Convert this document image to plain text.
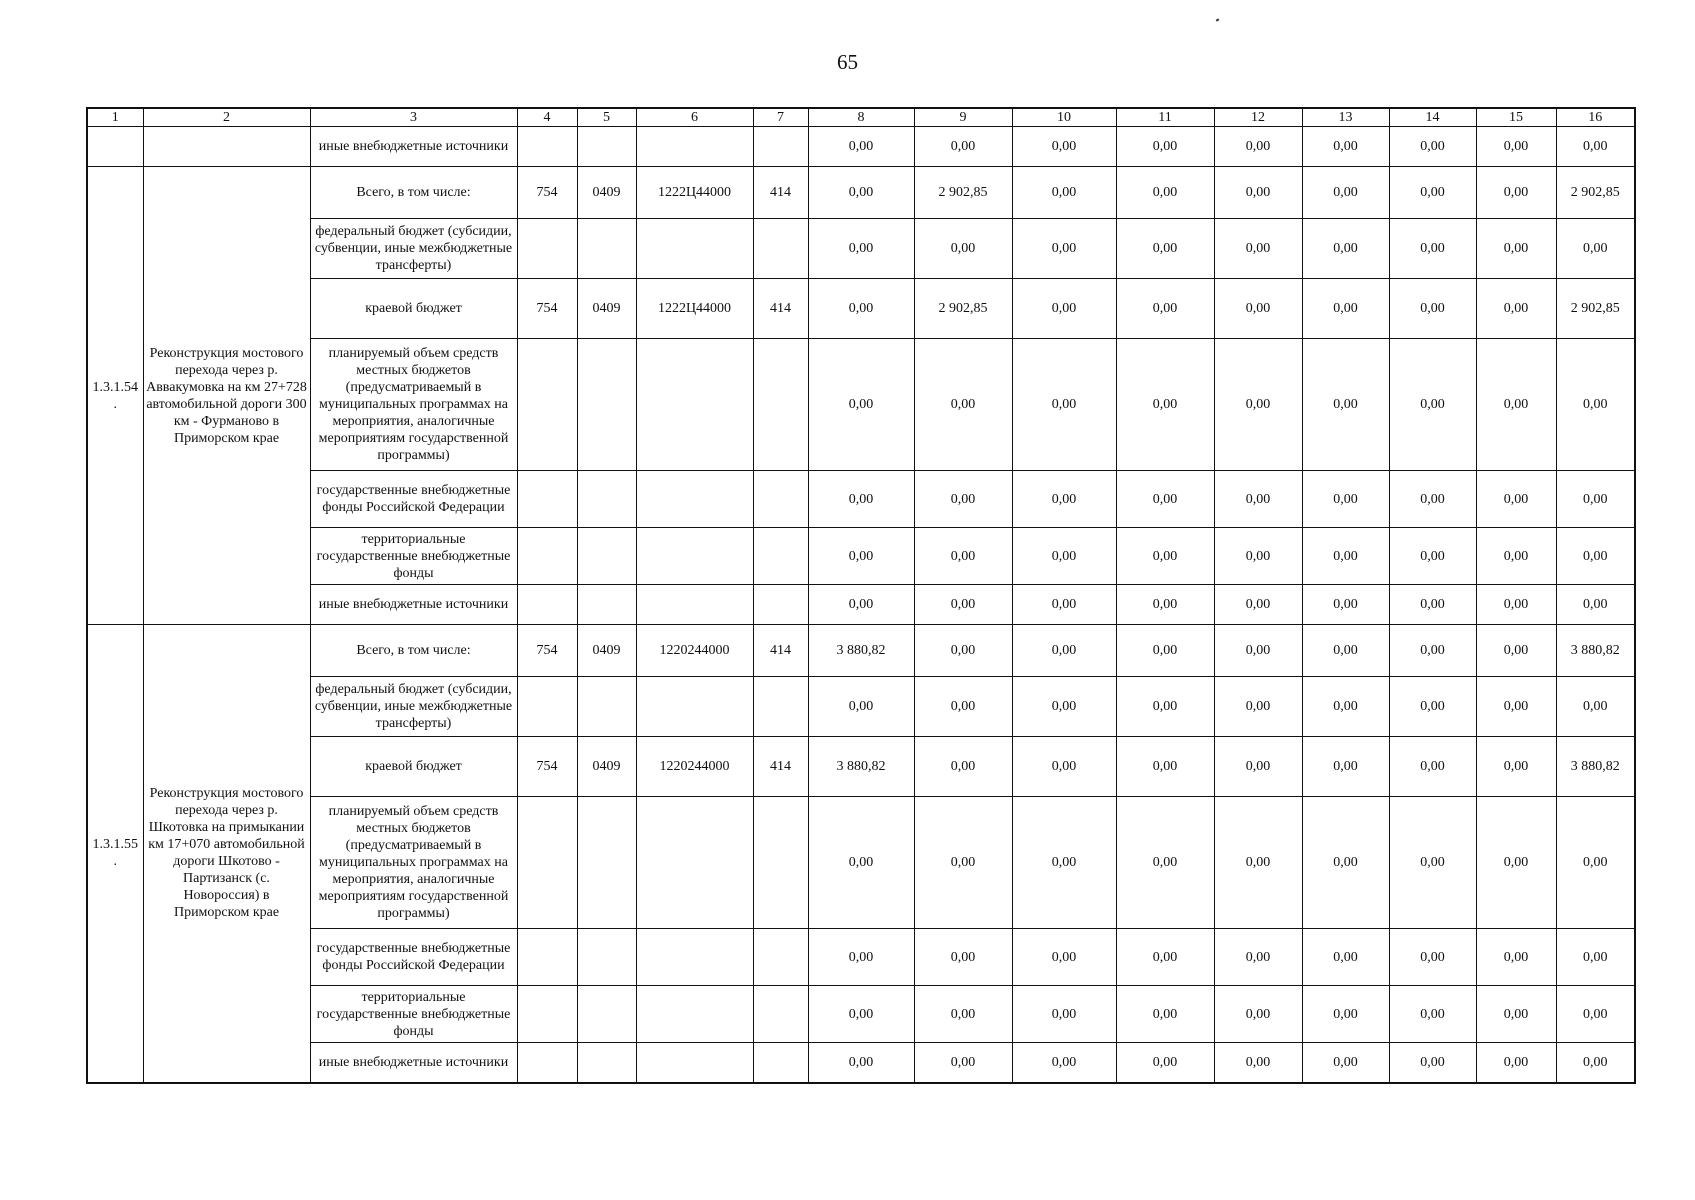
65
1	2	3	4	5	6	7	8	9	10	11	12	13	14	15	16
		иные внебюджетные источники					0,00	0,00	0,00	0,00	0,00	0,00	0,00	0,00	0,00
1.3.1.54 .	Реконструкция мостового перехода через р. Аввакумовка на км 27+728 автомобильной дороги 300 км - Фурманово в Приморском крае	Всего, в том числе:	754	0409	1222Ц44000	414	0,00	2 902,85	0,00	0,00	0,00	0,00	0,00	0,00	2 902,85
		федеральный бюджет (субсидии, субвенции, иные межбюджетные трансферты)					0,00	0,00	0,00	0,00	0,00	0,00	0,00	0,00	0,00
		краевой бюджет	754	0409	1222Ц44000	414	0,00	2 902,85	0,00	0,00	0,00	0,00	0,00	0,00	2 902,85
		планируемый объем средств местных бюджетов (предусматриваемый в муниципальных программах на мероприятия, аналогичные мероприятиям государственной программы)					0,00	0,00	0,00	0,00	0,00	0,00	0,00	0,00	0,00
		государственные внебюджетные фонды Российской Федерации					0,00	0,00	0,00	0,00	0,00	0,00	0,00	0,00	0,00
		территориальные государственные внебюджетные фонды					0,00	0,00	0,00	0,00	0,00	0,00	0,00	0,00	0,00
		иные внебюджетные источники					0,00	0,00	0,00	0,00	0,00	0,00	0,00	0,00	0,00
1.3.1.55 .	Реконструкция мостового перехода через р. Шкотовка на примыкании км 17+070 автомобильной дороги Шкотово - Партизанск (с. Новороссия) в Приморском крае	Всего, в том числе:	754	0409	1220244000	414	3 880,82	0,00	0,00	0,00	0,00	0,00	0,00	0,00	3 880,82
		федеральный бюджет (субсидии, субвенции, иные межбюджетные трансферты)					0,00	0,00	0,00	0,00	0,00	0,00	0,00	0,00	0,00
		краевой бюджет	754	0409	1220244000	414	3 880,82	0,00	0,00	0,00	0,00	0,00	0,00	0,00	3 880,82
		планируемый объем средств местных бюджетов (предусматриваемый в муниципальных программах на мероприятия, аналогичные мероприятиям государственной программы)					0,00	0,00	0,00	0,00	0,00	0,00	0,00	0,00	0,00
		государственные внебюджетные фонды Российской Федерации					0,00	0,00	0,00	0,00	0,00	0,00	0,00	0,00	0,00
		территориальные государственные внебюджетные фонды					0,00	0,00	0,00	0,00	0,00	0,00	0,00	0,00	0,00
		иные внебюджетные источники					0,00	0,00	0,00	0,00	0,00	0,00	0,00	0,00	0,00
